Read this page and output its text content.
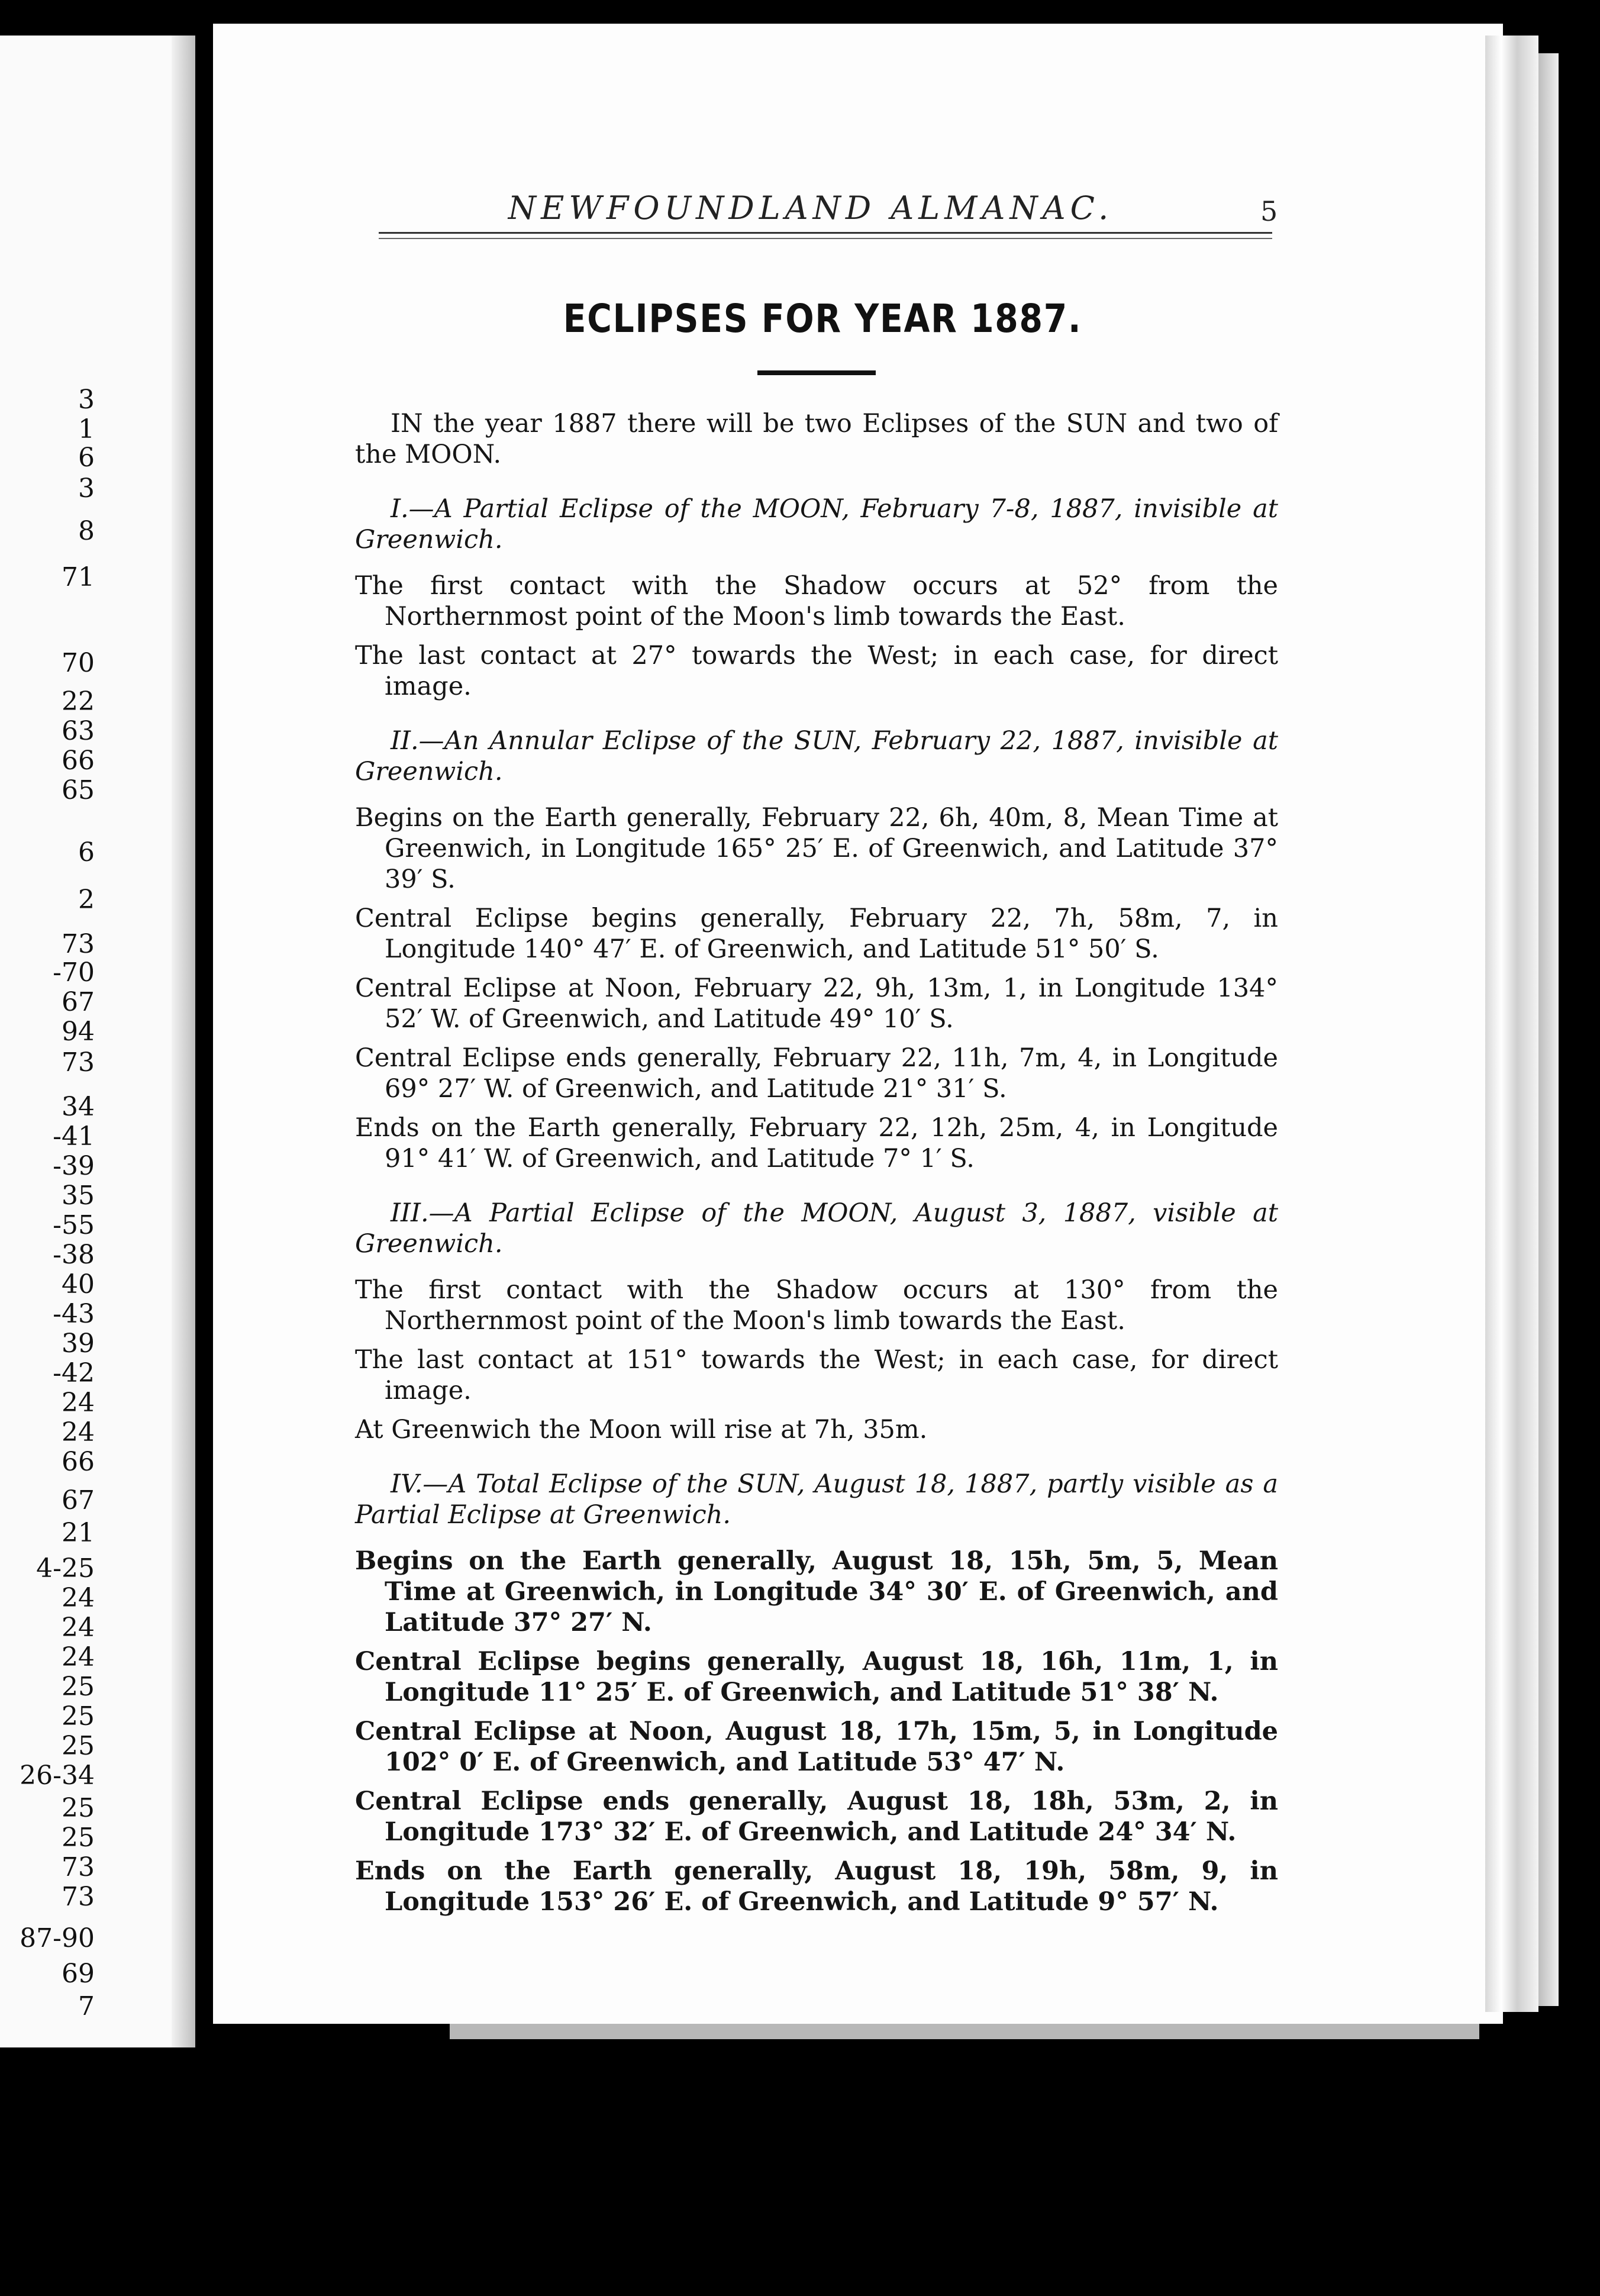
3
1
6
3
8
71
70
22
63
66
65
6
2
73
-70
67
94
73
34
-41
-39
35
-55
-38
40
-43
39
-42
24
24
66
67
21
4-25
24
24
24
25
25
25
26-34
25
25
73
73
87-90
69
7
NEWFOUNDLAND ALMANAC.	5
ECLIPSES FOR YEAR 1887.

IN the year 1887 there will be two Eclipses of the SUN and two of the MOON.

I.—A Partial Eclipse of the MOON, February 7-8, 1887, invisible at Greenwich.

The first contact with the Shadow occurs at 52° from the Northernmost point of the Moon's limb towards the East.

The last contact at 27° towards the West; in each case, for direct image.

II.—An Annular Eclipse of the SUN, February 22, 1887, invisible at Greenwich.

Begins on the Earth generally, February 22, 6h, 40m, 8, Mean Time at Greenwich, in Longitude 165° 25′ E. of Greenwich, and Latitude 37° 39′ S.

Central Eclipse begins generally, February 22, 7h, 58m, 7, in Longitude 140° 47′ E. of Greenwich, and Latitude 51° 50′ S.

Central Eclipse at Noon, February 22, 9h, 13m, 1, in Longitude 134° 52′ W. of Greenwich, and Latitude 49° 10′ S.

Central Eclipse ends generally, February 22, 11h, 7m, 4, in Longitude 69° 27′ W. of Greenwich, and Latitude 21° 31′ S.

Ends on the Earth generally, February 22, 12h, 25m, 4, in Longitude 91° 41′ W. of Greenwich, and Latitude 7° 1′ S.

III.—A Partial Eclipse of the MOON, August 3, 1887, visible at Greenwich.

The first contact with the Shadow occurs at 130° from the Northernmost point of the Moon's limb towards the East.

The last contact at 151° towards the West; in each case, for direct image.

At Greenwich the Moon will rise at 7h, 35m.

IV.—A Total Eclipse of the SUN, August 18, 1887, partly visible as a Partial Eclipse at Greenwich.

Begins on the Earth generally, August 18, 15h, 5m, 5, Mean Time at Greenwich, in Longitude 34° 30′ E. of Greenwich, and Latitude 37° 27′ N.

Central Eclipse begins generally, August 18, 16h, 11m, 1, in Longitude 11° 25′ E. of Greenwich, and Latitude 51° 38′ N.

Central Eclipse at Noon, August 18, 17h, 15m, 5, in Longitude 102° 0′ E. of Greenwich, and Latitude 53° 47′ N.

Central Eclipse ends generally, August 18, 18h, 53m, 2, in Longitude 173° 32′ E. of Greenwich, and Latitude 24° 34′ N.

Ends on the Earth generally, August 18, 19h, 58m, 9, in Longitude 153° 26′ E. of Greenwich, and Latitude 9° 57′ N.
